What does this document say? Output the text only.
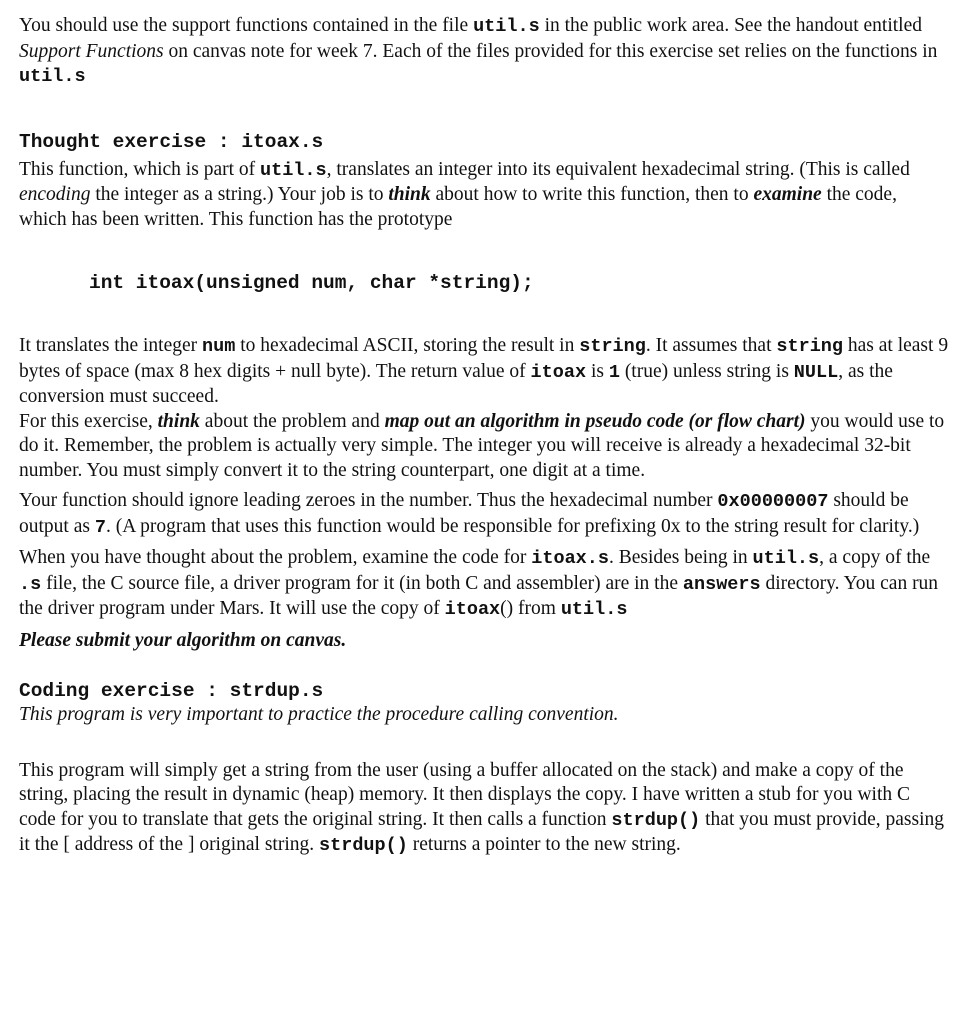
You should use the support functions contained in the file util.s in the public work area. See the handout entitled Support Functions on canvas note for week 7. Each of the files provided for this exercise set relies on the functions in util.s

Thought exercise : itoax.s

This function, which is part of util.s, translates an integer into its equivalent hexadecimal string. (This is called encoding the integer as a string.) Your job is to think about how to write this function, then to examine the code, which has been written. This function has the prototype

int itoax(unsigned num, char *string);

It translates the integer num to hexadecimal ASCII, storing the result in string. It assumes that string has at least 9 bytes of space (max 8 hex digits + null byte). The return value of itoax is 1 (true) unless string is NULL, as the conversion must succeed.

For this exercise, think about the problem and map out an algorithm in pseudo code (or flow chart) you would use to do it. Remember, the problem is actually very simple. The integer you will receive is already a hexadecimal 32-bit number. You must simply convert it to the string counterpart, one digit at a time.

Your function should ignore leading zeroes in the number. Thus the hexadecimal number 0x00000007 should be output as 7. (A program that uses this function would be responsible for prefixing 0x to the string result for clarity.)

When you have thought about the problem, examine the code for itoax.s. Besides being in util.s, a copy of the .s file, the C source file, a driver program for it (in both C and assembler) are in the answers directory. You can run the driver program under Mars. It will use the copy of itoax() from util.s

Please submit your algorithm on canvas.

Coding exercise : strdup.s

This program is very important to practice the procedure calling convention.

This program will simply get a string from the user (using a buffer allocated on the stack) and make a copy of the string, placing the result in dynamic (heap) memory. It then displays the copy. I have written a stub for you with C code for you to translate that gets the original string. It then calls a function strdup() that you must provide, passing it the [ address of the ] original string. strdup() returns a pointer to the new string.
